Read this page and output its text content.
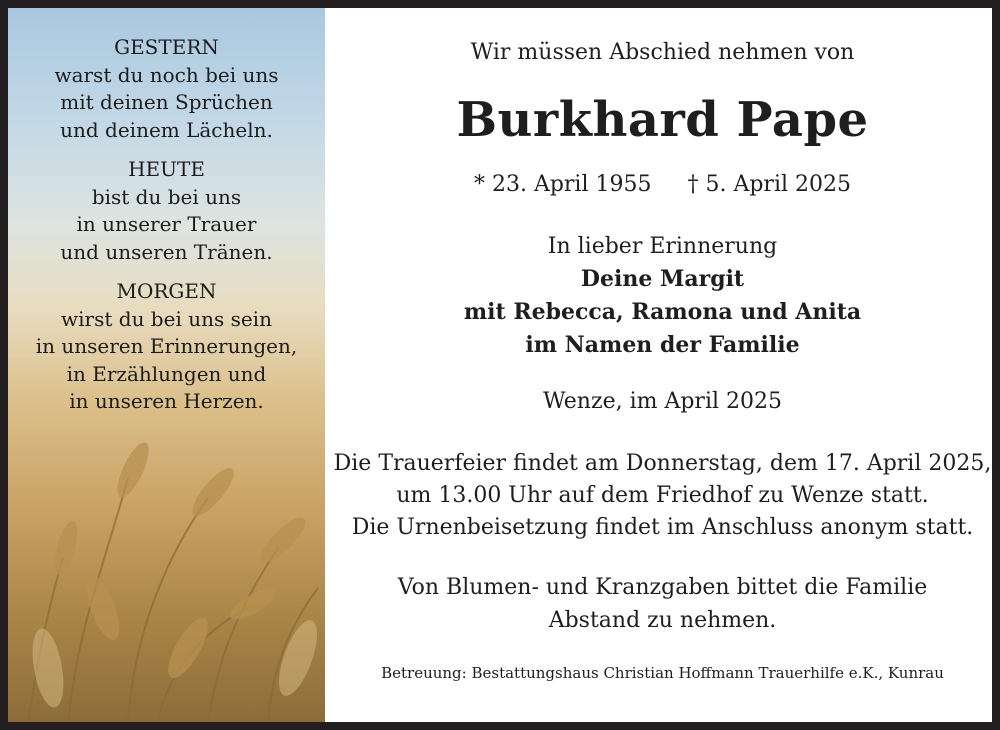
GESTERN
warst du noch bei uns
mit deinen Sprüchen
und deinem Lächeln.
HEUTE
bist du bei uns
in unserer Trauer
und unseren Tränen.
MORGEN
wirst du bei uns sein
in unseren Erinnerungen,
in Erzählungen und
in unseren Herzen.
Wir müssen Abschied nehmen von
Burkhard Pape
* 23. April 1955 † 5. April 2025
In lieber Erinnerung
Deine Margit
mit Rebecca, Ramona und Anita
im Namen der Familie
Wenze, im April 2025
Die Trauerfeier findet am Donnerstag, dem 17. April 2025,
um 13.00 Uhr auf dem Friedhof zu Wenze statt.
Die Urnenbeisetzung findet im Anschluss anonym statt.
Von Blumen- und Kranzgaben bittet die Familie
Abstand zu nehmen.
Betreuung: Bestattungshaus Christian Hoffmann Trauerhilfe e.K., Kunrau
